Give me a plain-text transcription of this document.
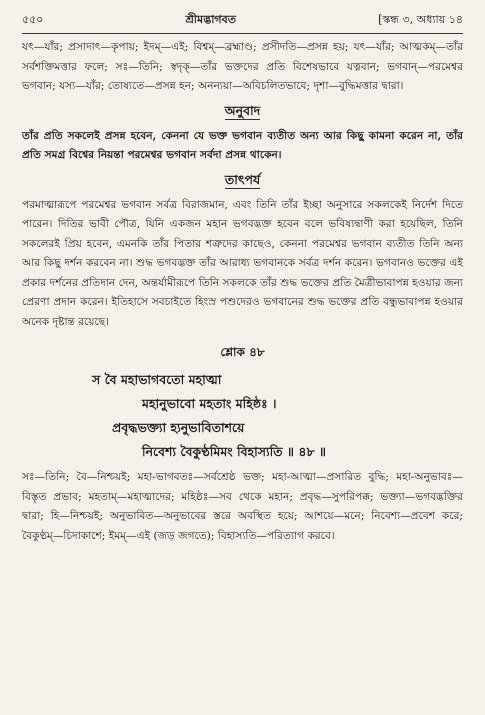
৫৫০	শ্রীমদ্ভাগবত	[স্কন্ধ ৩, অধ্যায় ১৪

যৎ—যাঁর; প্রসাদাৎ—কৃপায়; ইদম্—এই; বিশ্বম্—ব্রহ্মাণ্ড; প্রসীদতি—প্রসন্ন হয়; যৎ—যাঁর; আত্মকম্—তাঁর সর্বশক্তিমত্তার ফলে; সঃ—তিনি; স্বদৃক্—তাঁর ভক্তদের প্রতি বিশেষভাবে যত্নবান; ভগবান্—পরমেশ্বর ভগবান; যস্য—যাঁর; তোষ্যতে—প্রসন্ন হন; অনন্যয়া—অবিচলিতভাবে; দৃশা—বুদ্ধিমত্তার দ্বারা।

অনুবাদ

তাঁর প্রতি সকলেই প্রসন্ন হবেন, কেননা যে ভক্ত ভগবান ব্যতীত অন্য আর কিছু কামনা করেন না, তাঁর প্রতি সমগ্র বিশ্বের নিয়ন্তা পরমেশ্বর ভগবান সর্বদা প্রসন্ন থাকেন।

তাৎপর্য

পরমাত্মারূপে পরমেশ্বর ভগবান সর্বত্র বিরাজমান, এবং তিনি তাঁর ইচ্ছা অনুসারে সকলকেই নির্দেশ দিতে পারেন। দিতির ভাবী পৌত্র, যিনি একজন মহান ভগবদ্ভক্ত হবেন বলে ভবিষ্যদ্বাণী করা হয়েছিল, তিনি সকলেরই প্রিয় হবেন, এমনকি তাঁর পিতার শত্রুদের কাছেও, কেননা পরমেশ্বর ভগবান ব্যতীত তিনি অন্য আর কিছু দর্শন করবেন না। শুদ্ধ ভগবদ্ভক্ত তাঁর আরাধ্য ভগবানকে সর্বত্র দর্শন করেন। ভগবানও ভক্তের এই প্রকার দর্শনের প্রতিদান দেন, অন্তর্যামীরূপে তিনি সকলকে তাঁর শুদ্ধ ভক্তের প্রতি মৈত্রীভাবাপন্ন হওয়ার জন্য প্রেরণা প্রদান করেন। ইতিহাসে সবচাইতে হিংস্র পশুদেরও ভগবানের শুদ্ধ ভক্তের প্রতি বন্ধুভাবাপন্ন হওয়ার অনেক দৃষ্টান্ত রয়েছে।

শ্লোক ৪৮
স বৈ মহাভাগবতো মহাত্মা
মহানুভাবো মহতাং মহিষ্ঠঃ ।
প্রবৃদ্ধভক্ত্যা হ্যনুভাবিতাশয়ে
নিবেশ্য বৈকুণ্ঠমিমং বিহাস্যতি ॥ ৪৮ ॥

সঃ—তিনি; বৈ—নিশ্চয়ই; মহা-ভাগবতঃ—সর্বশ্রেষ্ঠ ভক্ত; মহা-আত্মা—প্রসারিত বুদ্ধি; মহা-অনুভাবঃ—বিস্তৃত প্রভাব; মহতাম্—মহাত্মাদের; মহিষ্ঠঃ—সব থেকে মহান; প্রবৃদ্ধ—সুপরিপক্ক; ভক্ত্যা—ভগবদ্ভক্তির দ্বারা; হি—নিশ্চয়ই; অনুভাবিত—অনুভাবের স্তরে অবস্থিত হয়ে; আশয়ে—মনে; নিবেশ্য—প্রবেশ করে; বৈকুণ্ঠম্—চিদাকাশে; ইমম্—এই (জড় জগতে); বিহাস্যতি—পরিত্যাগ করবে।
